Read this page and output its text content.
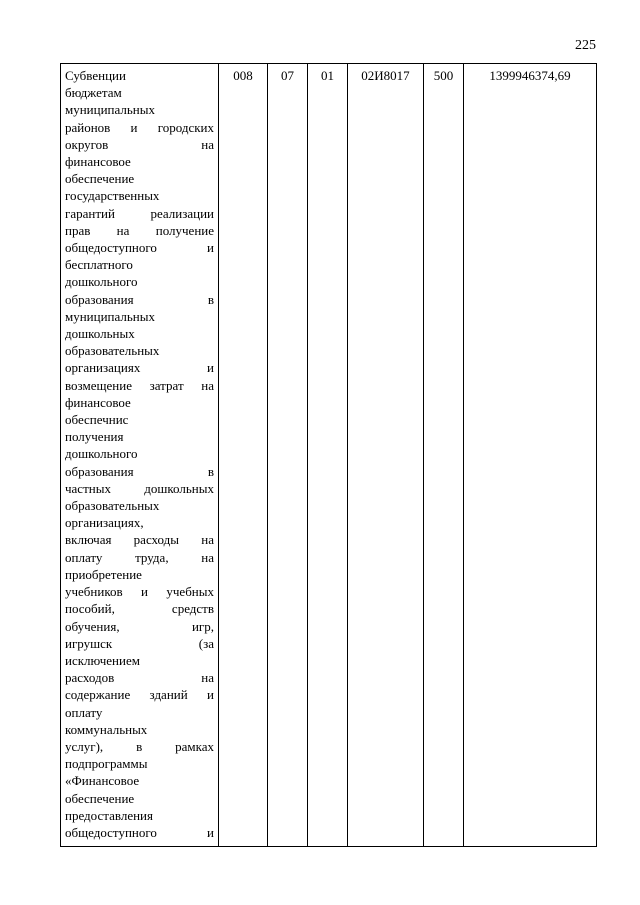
225
Субвенции
бюджетам
муниципальных
районов и городских
округов на
финансовое
обеспечение
государственных
гарантий реализации
прав на получение
общедоступного и
бесплатного
дошкольного
образования в
муниципальных
дошкольных
образовательных
организациях и
возмещение затрат на
финансовое
обеспечнис
получения
дошкольного
образования в
частных дошкольных
образовательных
организациях,
включая расходы на
оплату труда, на
приобретение
учебников и учебных
пособий, средств
обучения, игр,
игрушск (за
исключением
расходов на
содержание зданий и
оплату
коммунальных
услуг), в рамках
подпрограммы
«Финансовое
обеспечение
предоставления
общедоступного и
	008	07	01	02И8017	500	1399946374,69
